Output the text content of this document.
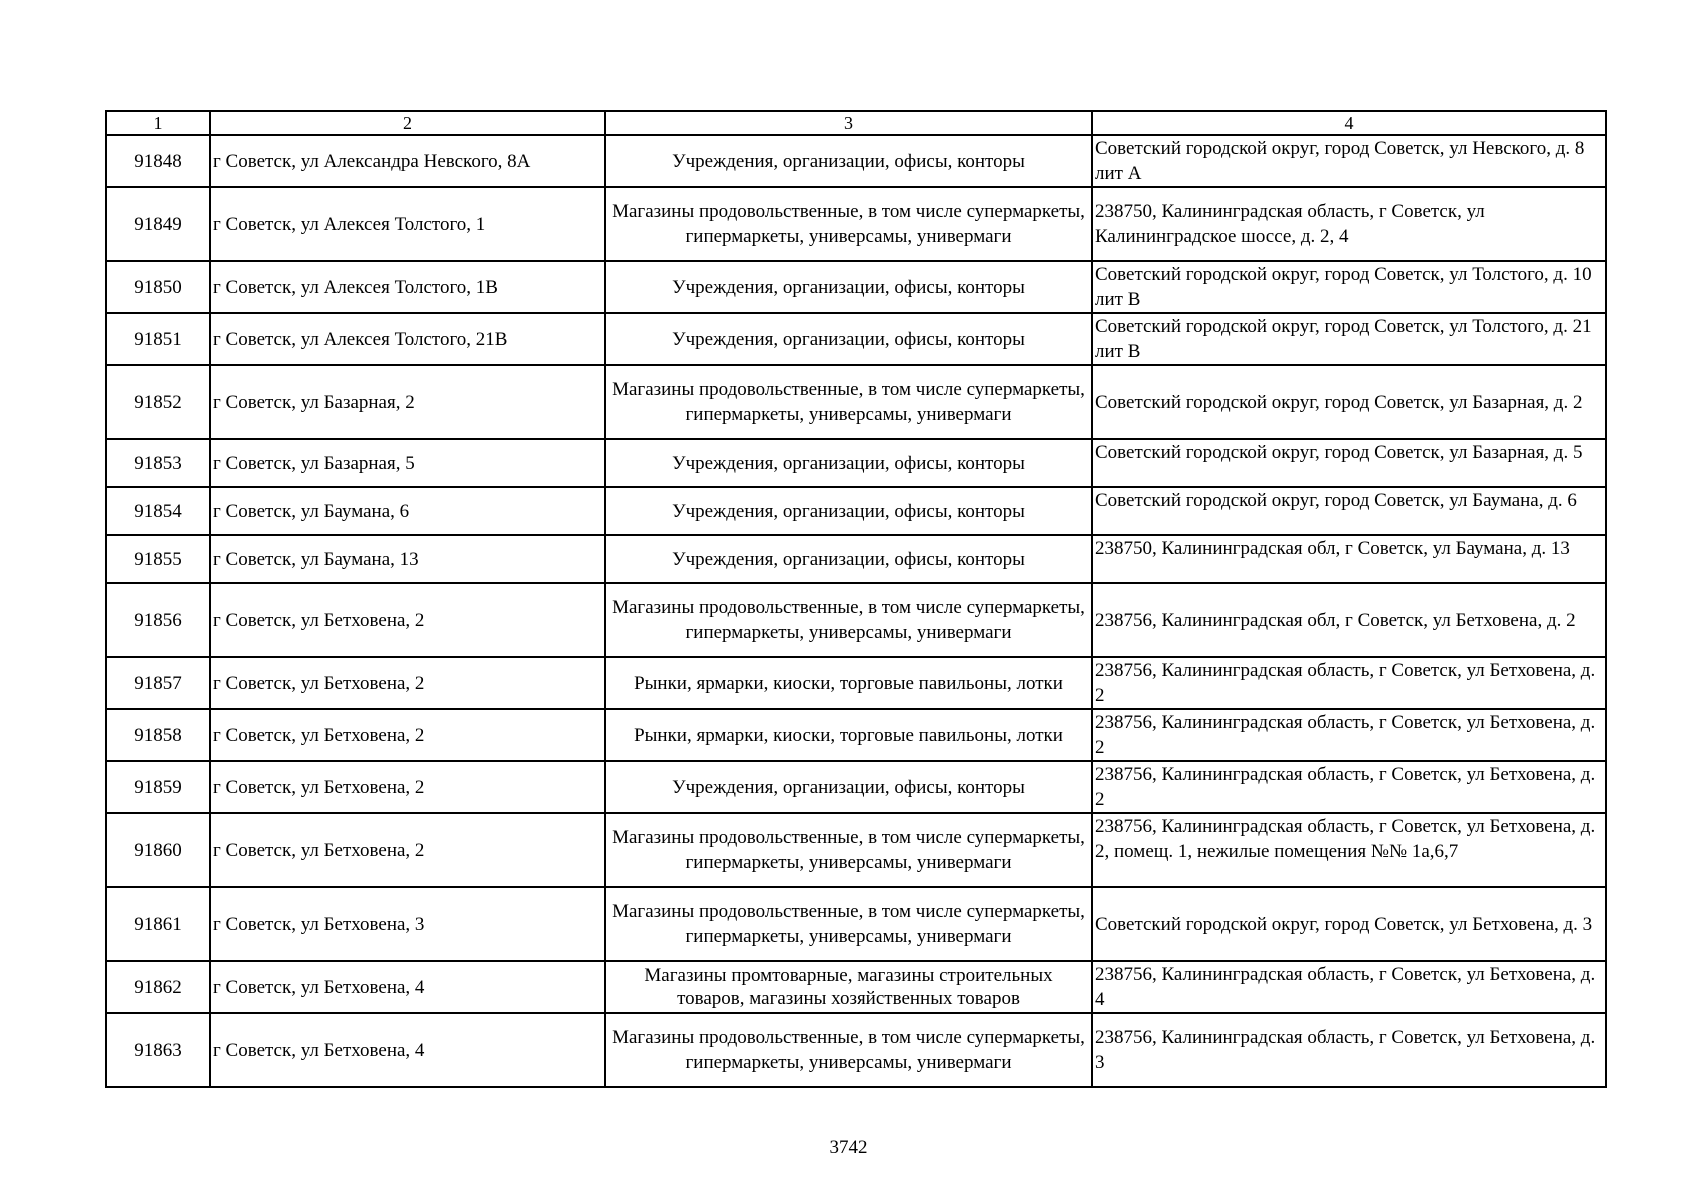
1	2	3	4
91848	г Советск, ул Александра Невского, 8А	Учреждения, организации, офисы, конторы	Советский городской округ, город Советск, ул Невского, д. 8 лит А
91849	г Советск, ул Алексея Толстого, 1	Магазины продовольственные, в том числе супермаркеты, гипермаркеты, универсамы, универмаги	238750, Калининградская область, г Советск, ул Калининградское шоссе, д. 2, 4
91850	г Советск, ул Алексея Толстого, 1В	Учреждения, организации, офисы, конторы	Советский городской округ, город Советск, ул Толстого, д. 10 лит В
91851	г Советск, ул Алексея Толстого, 21В	Учреждения, организации, офисы, конторы	Советский городской округ, город Советск, ул Толстого, д. 21 лит В
91852	г Советск, ул Базарная, 2	Магазины продовольственные, в том числе супермаркеты, гипермаркеты, универсамы, универмаги	Советский городской округ, город Советск, ул Базарная, д. 2
91853	г Советск, ул Базарная, 5	Учреждения, организации, офисы, конторы	Советский городской округ, город Советск, ул Базарная, д. 5
91854	г Советск, ул Баумана, 6	Учреждения, организации, офисы, конторы	Советский городской округ, город Советск, ул Баумана, д. 6
91855	г Советск, ул Баумана, 13	Учреждения, организации, офисы, конторы	238750, Калининградская обл, г Советск, ул Баумана, д. 13
91856	г Советск, ул Бетховена, 2	Магазины продовольственные, в том числе супермаркеты, гипермаркеты, универсамы, универмаги	238756, Калининградская обл, г Советск, ул Бетховена, д. 2
91857	г Советск, ул Бетховена, 2	Рынки, ярмарки, киоски, торговые павильоны, лотки	238756, Калининградская область, г Советск, ул Бетховена, д. 2
91858	г Советск, ул Бетховена, 2	Рынки, ярмарки, киоски, торговые павильоны, лотки	238756, Калининградская область, г Советск, ул Бетховена, д. 2
91859	г Советск, ул Бетховена, 2	Учреждения, организации, офисы, конторы	238756, Калининградская область, г Советск, ул Бетховена, д. 2
91860	г Советск, ул Бетховена, 2	Магазины продовольственные, в том числе супермаркеты, гипермаркеты, универсамы, универмаги	238756, Калининградская область, г Советск, ул Бетховена, д. 2, помещ. 1, нежилые помещения №№ 1а,6,7
91861	г Советск, ул Бетховена, 3	Магазины продовольственные, в том числе супермаркеты, гипермаркеты, универсамы, универмаги	Советский городской округ, город Советск, ул Бетховена, д. 3
91862	г Советск, ул Бетховена, 4	Магазины промтоварные, магазины строительных товаров, магазины хозяйственных товаров	238756, Калининградская область, г Советск, ул Бетховена, д. 4
91863	г Советск, ул Бетховена, 4	Магазины продовольственные, в том числе супермаркеты, гипермаркеты, универсамы, универмаги	238756, Калининградская область, г Советск, ул Бетховена, д. 3
3742
